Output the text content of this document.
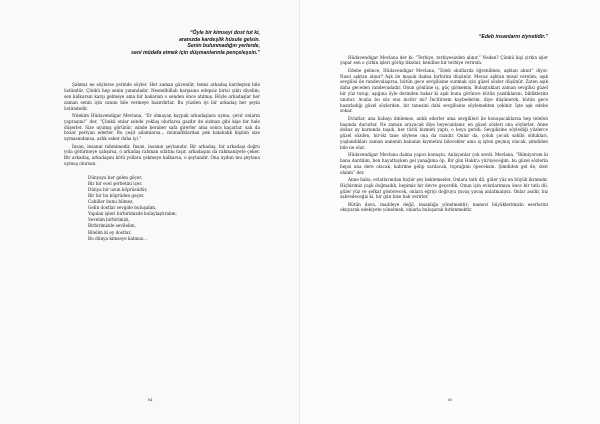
“Öyle bir kimseyi dost tut ki,
aranızda kardeşlik hüsule gelsin.
Senin bulunmadığın yerlerde,
seni müdafa etmek için düşmanlarınla pençeleşsin.”

Şahmız ne söylerse yerinde söyler. Her zaman güvenilir, temiz arkadaş kardeşten bile üstündür. Çünkü hep senin yanındadır. Nesnelbillah karşısına edepsiz birisi çıktı diyelim; sen kalkarsın karşı gelmeye ama bir bakarsın o senden önce atılmış. Böyle arkadaşlar her zaman senin için canını bile vermeye hazırdırlar. Bu yüzden iyi bir arkadaş her şeyin üstündedir.

Nitekim Hüdavendigar Mevlana, “Er olmayan kaypak arkadaşlara uyma, çevir onların yapraşını!” der, “Çünkü onlar ısinde yokluş olurlarsa gazdır de sizinan gibi kişe bir hale düşerler. Size uyumış görünür, ısinde beraber safa girerler ama sonra kaçarlar, salı da bozar periyan ederler. Bu çeşit adamlarsa... mümafıklardan pek kalabalık kişinin size uymasındansa, azlık asker daha iyi.”

İnsan, insanın rahmimedir. İnsan, insanın şeytanıdır. Bir arkadaş, bir arkadaşı doğru yola götürmeye çalışırsa, o arkadaş rahman sıfatını taşır, arkadaşını da rahmaniyete çeker. Bir arkadaş, arkadaşını kötü yollara çekmeye kalkarsa, o şeytandır. Ona uydun mu şeytana uymuş olursun.

Dünyaya her gelen göçer,
Bir bir ecel şerbetini içer.
Dünya bir uzun köprüsüdür,
Bir bir bu köprüden geçer.
Cahiller bunu bilmez,
Gelin dostlar sevgide buluşalım,
Yapılan işleri birbirimizde kolaylaştıralım.
Sevelim birbirimizi,
Birbirimizde sevilelim,
Bilelim ki ey dostlar,
Bu dünya kimseye kalmaz...
64
“Edeb insanların ziynetidir.”

Hüdavendigar Mevlana der ki: “Terbiye, terbiyesizden alınır.” Neden? Çünkü kişi çirkin işler yapar sen o çirkin işleri görüp tiksinir, kendine bir terbiye verirsin.

Edebe gelince, Hüdavendigar Mevlana, “Edeb okullarda öğrenilmez, aşktan alınır” diyor. Nasıl aşktan alınır? Aşk ile maşuk daima birbirini düşünür. Mecaz aşktan misal verelim; aşık sevgilisi ile randevulaşırsa, bütün gece sevgilisine sunmak için güzel sözler düşünür. Zaten aşık daha geceden randevudadır. Onun gönlüne iş, güç girmemiş. Buluştukları zaman sevgilisi güzel bir yüz tutup, aşığına öyle derinden bakar ki aşık bunu görünce bütün yazdıklarını, bildiklerini unutur. Acaba bu söz onu incitir mi? İncitirsem kaybederim, diye düşünerek, bütün gece hazırladığı güzel sözlerden, bir tanesini dahi sevgilisine söylemekten çekinir. İşte aşk edebe sokar.

Evlatlar, ana babayı dinlemez, anlık ederler ama sevgilileri ile konuşacaklarsa hep telefon başında dururlar. Ne zaman arayacak diye beyecanlanır, en güzel sözleri ona söylerler. Anne dokuz ay karnında taşıdı, her türlü hizmeti yaptı, o boya geridi. Sevgilisine söylediği yüzlerce güzel sözden, bir-iki tane söylese ona da razıdır. Onlar da, çoluk çocuk sahibi oldukları, yaşlandıkları zaman annenin babanın kıymetini bilecekler ama iş işten geçmiş olacak, şimdiden bile ne olur.

Hüdavendigar Mevlana daima yapıcı konuştu. Anlayanlar çok sevdi. Mevlana, “Bilmiyorum ki bana dardılım, ben hayattayken gel yanağıma öp. Bir gün Hakk'a yürüyeceğim, bu güzel sözlerin hepsi ana dere olacak, kabrime gelip sarılacak, toprağımı öpeceksin. Şimdiden gel de, dost olalım” der.

Anne baba, evlatlarından hiçbir şey beklemezler. Onlara tatlı dil, güler yüz en büyük ikramdır. Hiçbirimiz yaşlı doğmadık, hepimiz bir devre geçerdik. Onun için evlatlarımıza önce bir tatlı dil, güler yüz ve şefkat gösterecek, onlara eğriyi doğruyu yavaş yavaş anlatmalıyız. Onlar asidir, biz sabredeceğiz ki, bir gün bize hak verirler.

Bütün dava, maddeye değil, insanlığa yönelmektir; manevi büyüklerimizin eserlerini okuyarak edebiyete yönelmek, onlarla buluşarak birlenmektir.

65
